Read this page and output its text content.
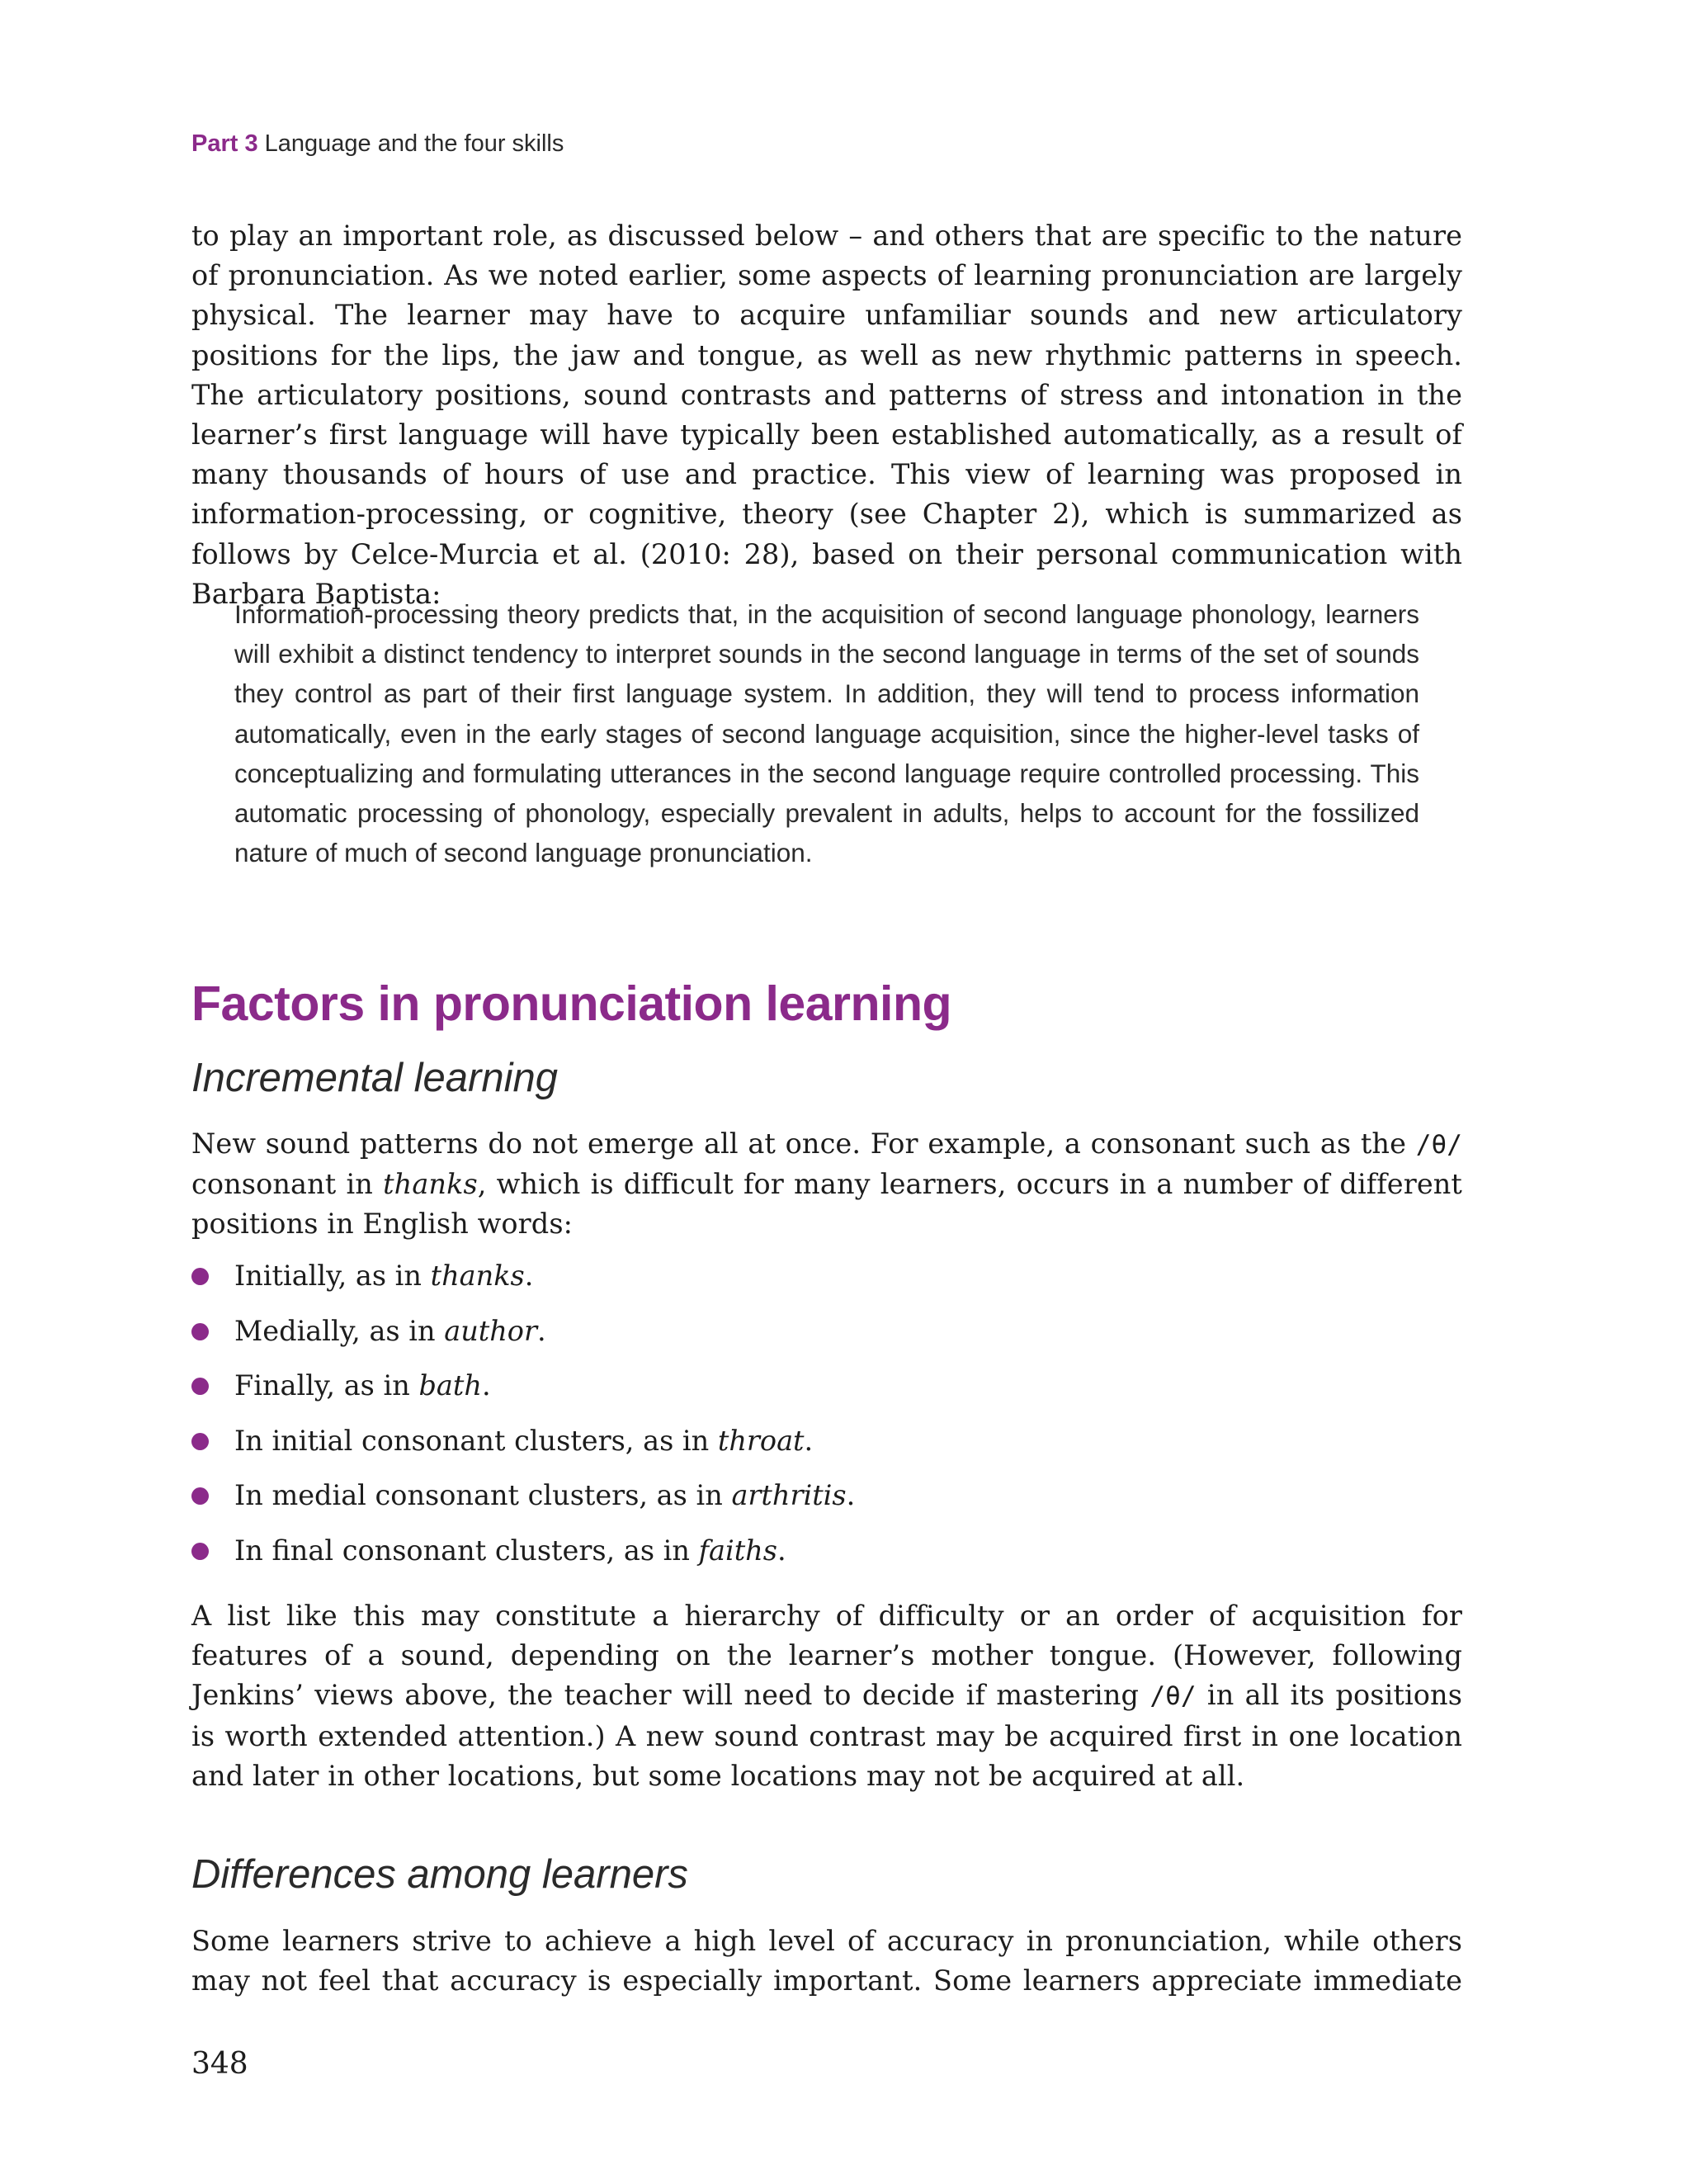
Part 3 Language and the four skills

to play an important role, as discussed below – and others that are specific to the nature of pronunciation. As we noted earlier, some aspects of learning pronunciation are largely physical. The learner may have to acquire unfamiliar sounds and new articulatory positions for the lips, the jaw and tongue, as well as new rhythmic patterns in speech. The articulatory positions, sound contrasts and patterns of stress and intonation in the learner’s first language will have typically been established automatically, as a result of many thousands of hours of use and practice. This view of learning was proposed in information-processing, or cognitive, theory (see Chapter 2), which is summarized as follows by Celce-Murcia et al. (2010: 28), based on their personal communication with Barbara Baptista:

Information-processing theory predicts that, in the acquisition of second language phonology, learners will exhibit a distinct tendency to interpret sounds in the second language in terms of the set of sounds they control as part of their first language system. In addition, they will tend to process information automatically, even in the early stages of second language acquisition, since the higher-level tasks of conceptualizing and formulating utterances in the second language require controlled processing. This automatic processing of phonology, especially prevalent in adults, helps to account for the fossilized nature of much of second language pronunciation.

Factors in pronunciation learning
Incremental learning

New sound patterns do not emerge all at once. For example, a consonant such as the /θ/ consonant in thanks, which is difficult for many learners, occurs in a number of different positions in English words:

Initially, as in thanks.
Medially, as in author.
Finally, as in bath.
In initial consonant clusters, as in throat.
In medial consonant clusters, as in arthritis.
In final consonant clusters, as in faiths.

A list like this may constitute a hierarchy of difficulty or an order of acquisition for features of a sound, depending on the learner’s mother tongue. (However, following Jenkins’ views above, the teacher will need to decide if mastering /θ/ in all its positions is worth extended attention.) A new sound contrast may be acquired first in one location and later in other locations, but some locations may not be acquired at all.

Differences among learners

Some learners strive to achieve a high level of accuracy in pronunciation, while others may not feel that accuracy is especially important. Some learners appreciate immediate

348
